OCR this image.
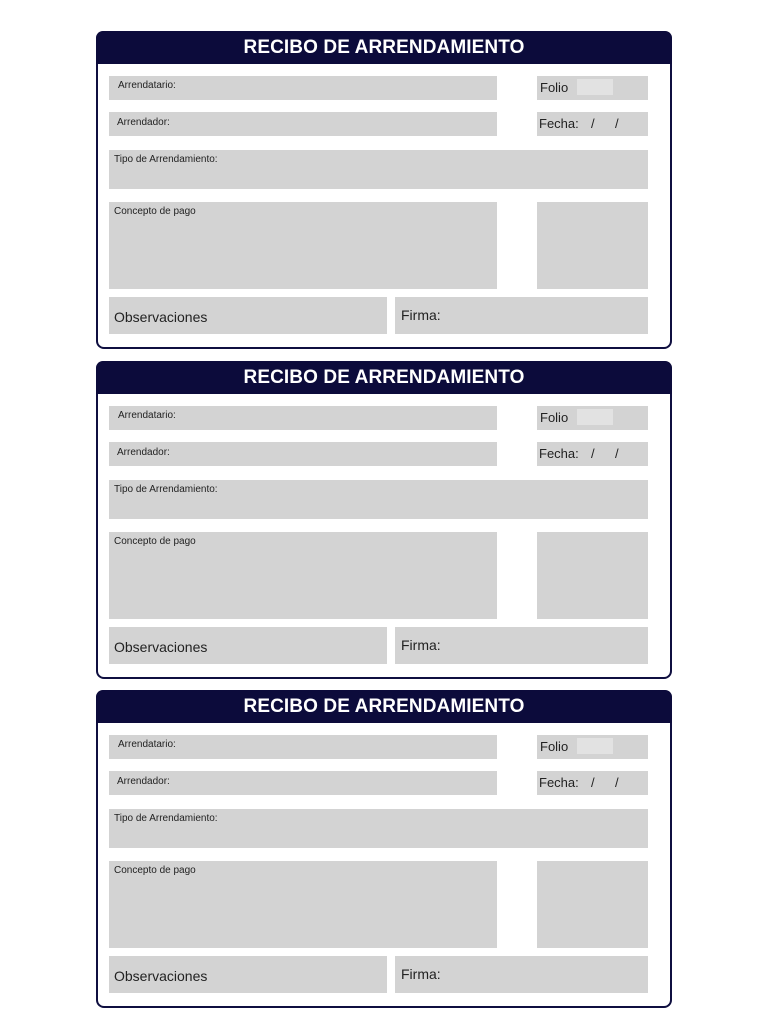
RECIBO DE ARRENDAMIENTO
Arrendatario:	Folio
Arrendador:	Fecha: / /
Tipo de Arrendamiento:
Concepto de pago
Observaciones	Firma:
RECIBO DE ARRENDAMIENTO
Arrendatario:	Folio
Arrendador:	Fecha: / /
Tipo de Arrendamiento:
Concepto de pago
Observaciones	Firma:
RECIBO DE ARRENDAMIENTO
Arrendatario:	Folio
Arrendador:	Fecha: / /
Tipo de Arrendamiento:
Concepto de pago
Observaciones	Firma:
